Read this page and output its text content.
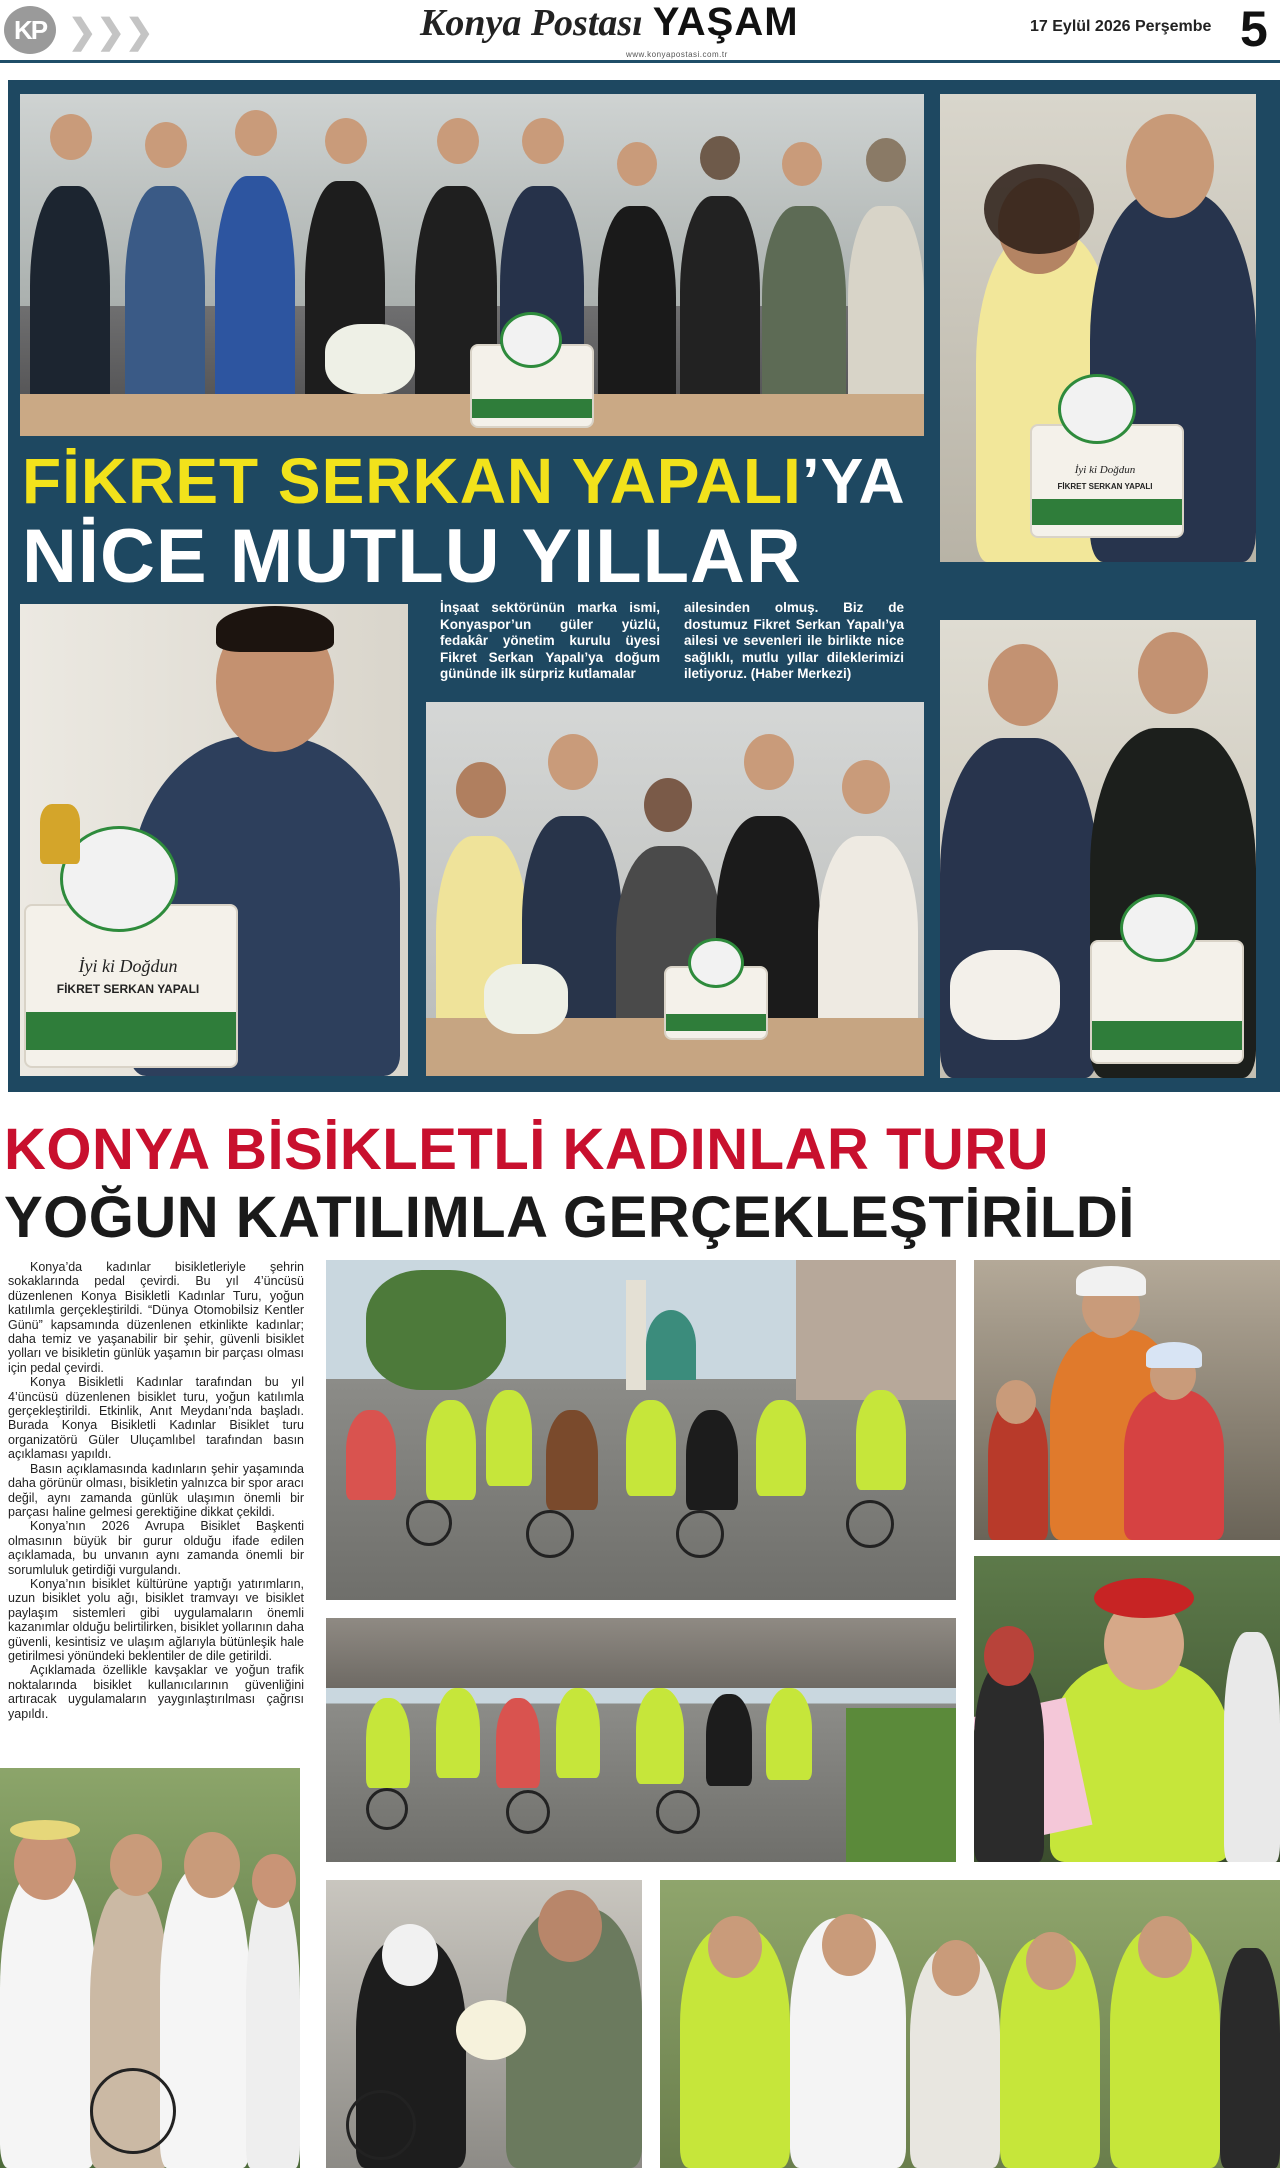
KP ❯❯❯	Konya Postası YAŞAM
www.konyapostasi.com.tr
17 Eylül 2026 Perşembe 5
İyi ki Doğdun
FİKRET SERKAN YAPALI
FİKRET SERKAN YAPALI’YA
NİCE MUTLU YILLAR
İyi ki Doğdun
FİKRET SERKAN YAPALI
İnşaat sektörünün marka ismi, Konyaspor’un güler yüzlü, fedakâr yönetim kurulu üyesi Fikret Serkan Yapalı’ya doğum gününde ilk sürpriz kutlamalar
ailesinden olmuş. Biz de dostumuz Fikret Serkan Yapalı’ya ailesi ve sevenleri ile birlikte nice sağlıklı, mutlu yıllar dileklerimizi iletiyoruz. (Haber Merkezi)
KONYA BİSİKLETLİ KADINLAR TURU
YOĞUN KATILIMLA GERÇEKLEŞTİRİLDİ

Konya’da kadınlar bisikletleriyle şehrin sokaklarında pedal çevirdi. Bu yıl 4’üncüsü düzenlenen Konya Bisikletli Kadınlar Turu, yoğun katılımla gerçekleştirildi. “Dünya Otomobilsiz Kentler Günü” kapsamında düzenlenen etkinlikte kadınlar; daha temiz ve yaşanabilir bir şehir, güvenli bisiklet yolları ve bisikletin günlük yaşamın bir parçası olması için pedal çevirdi.

Konya Bisikletli Kadınlar tarafından bu yıl 4’üncüsü düzenlenen bisiklet turu, yoğun katılımla gerçekleştirildi. Etkinlik, Anıt Meydanı’nda başladı. Burada Konya Bisikletli Kadınlar Bisiklet turu organizatörü Güler Uluçamlıbel tarafından basın açıklaması yapıldı.

Basın açıklamasında kadınların şehir yaşamında daha görünür olması, bisikletin yalnızca bir spor aracı değil, aynı zamanda günlük ulaşımın önemli bir parçası haline gelmesi gerektiğine dikkat çekildi.

Konya’nın 2026 Avrupa Bisiklet Başkenti olmasının büyük bir gurur olduğu ifade edilen açıklamada, bu unvanın aynı zamanda önemli bir sorumluluk getirdiği vurgulandı.

Konya’nın bisiklet kültürüne yaptığı yatırımların, uzun bisiklet yolu ağı, bisiklet tramvayı ve bisiklet paylaşım sistemleri gibi uygulamaların önemli kazanımlar olduğu belirtilirken, bisiklet yollarının daha güvenli, kesintisiz ve ulaşım ağlarıyla bütünleşik hale getirilmesi yönündeki beklentiler de dile getirildi.

Açıklamada özellikle kavşaklar ve yoğun trafik noktalarında bisiklet kullanıcılarının güvenliğini artıracak uygulamaların yaygınlaştırılması çağrısı yapıldı.
